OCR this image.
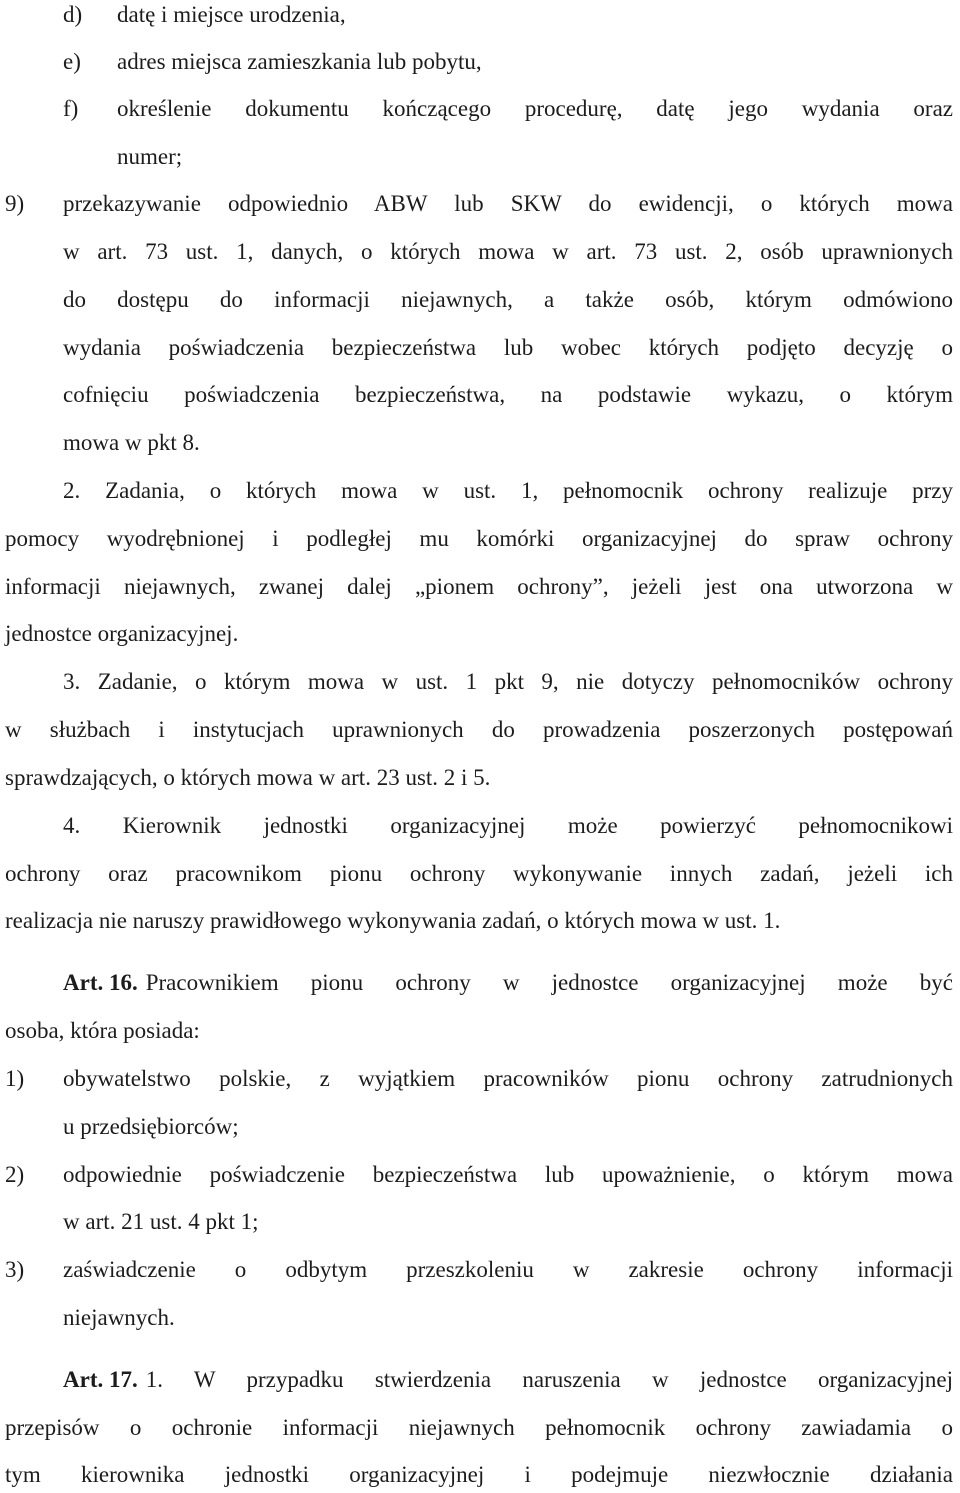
d) datę i miejsce urodzenia,
e) adres miejsca zamieszkania lub pobytu,
f) określenie dokumentu kończącego procedurę, datę jego wydania oraz
numer;
9) przekazywanie odpowiednio ABW lub SKW do ewidencji, o których mowa
w art. 73 ust. 1, danych, o których mowa w art. 73 ust. 2, osób uprawnionych
do dostępu do informacji niejawnych, a także osób, którym odmówiono
wydania poświadczenia bezpieczeństwa lub wobec których podjęto decyzję o
cofnięciu poświadczenia bezpieczeństwa, na podstawie wykazu, o którym
mowa w pkt 8.
2. Zadania, o których mowa w ust. 1, pełnomocnik ochrony realizuje przy
pomocy wyodrębnionej i podległej mu komórki organizacyjnej do spraw ochrony
informacji niejawnych, zwanej dalej „pionem ochrony”, jeżeli jest ona utworzona w
jednostce organizacyjnej.
3. Zadanie, o którym mowa w ust. 1 pkt 9, nie dotyczy pełnomocników ochrony
w służbach i instytucjach uprawnionych do prowadzenia poszerzonych postępowań
sprawdzających, o których mowa w art. 23 ust. 2 i 5.
4. Kierownik jednostki organizacyjnej może powierzyć pełnomocnikowi
ochrony oraz pracownikom pionu ochrony wykonywanie innych zadań, jeżeli ich
realizacja nie naruszy prawidłowego wykonywania zadań, o których mowa w ust. 1.
Art. 16. Pracownikiem pionu ochrony w jednostce organizacyjnej może być
osoba, która posiada:
1) obywatelstwo polskie, z wyjątkiem pracowników pionu ochrony zatrudnionych
u przedsiębiorców;
2) odpowiednie poświadczenie bezpieczeństwa lub upoważnienie, o którym mowa
w art. 21 ust. 4 pkt 1;
3) zaświadczenie o odbytym przeszkoleniu w zakresie ochrony informacji
niejawnych.
Art. 17. 1. W przypadku stwierdzenia naruszenia w jednostce organizacyjnej
przepisów o ochronie informacji niejawnych pełnomocnik ochrony zawiadamia o
tym kierownika jednostki organizacyjnej i podejmuje niezwłocznie działania
